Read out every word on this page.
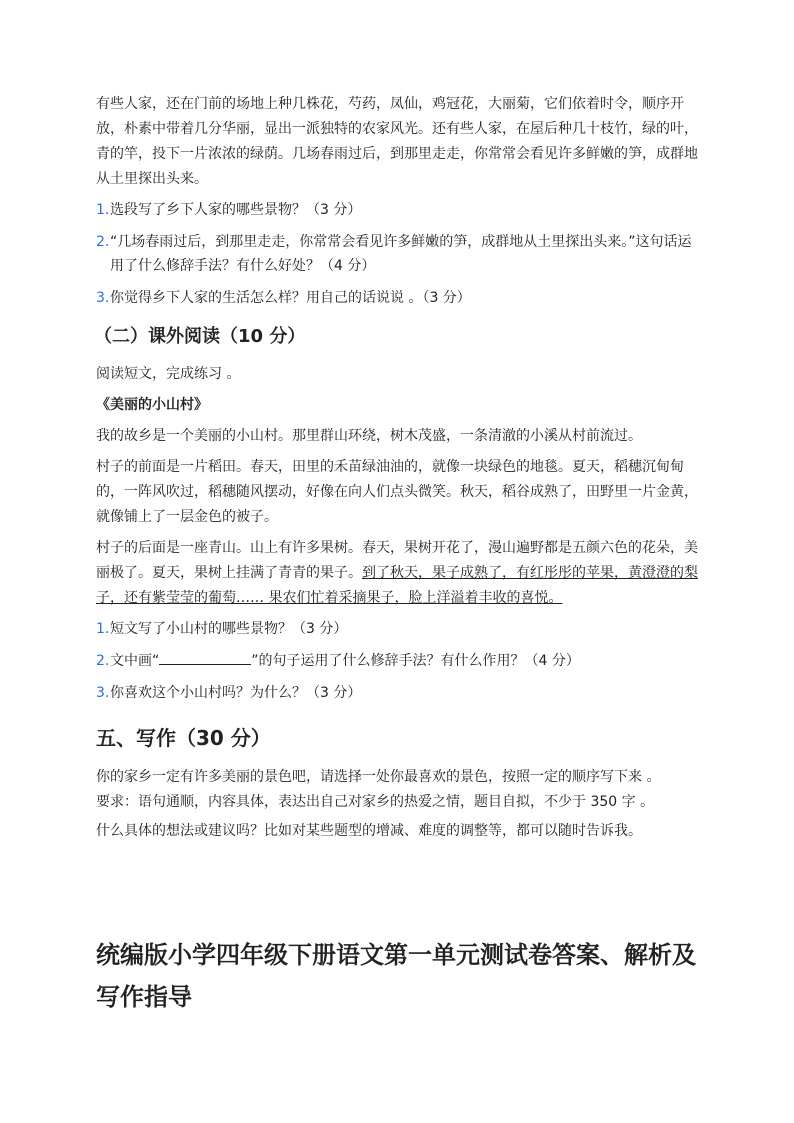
有些人家，还在门前的场地上种几株花，芍药，凤仙，鸡冠花，大丽菊，它们依着时令，顺序开放，朴素中带着几分华丽，显出一派独特的农家风光。还有些人家，在屋后种几十枝竹，绿的叶，青的竿，投下一片浓浓的绿荫。几场春雨过后，到那里走走，你常常会看见许多鲜嫩的笋，成群地从土里探出头来。

1. 选段写了乡下人家的哪些景物？（3 分）
2. “几场春雨过后，到那里走走，你常常会看见许多鲜嫩的笋，成群地从土里探出头来。”这句话运用了什么修辞手法？有什么好处？（4 分）
3. 你觉得乡下人家的生活怎么样？用自己的话说说 。（3 分）
（二）课外阅读（10 分）

阅读短文，完成练习 。

《美丽的小山村》

我的故乡是一个美丽的小山村。那里群山环绕，树木茂盛，一条清澈的小溪从村前流过。

村子的前面是一片稻田。春天，田里的禾苗绿油油的，就像一块绿色的地毯。夏天，稻穗沉甸甸的，一阵风吹过，稻穗随风摆动，好像在向人们点头微笑。秋天，稻谷成熟了，田野里一片金黄，就像铺上了一层金色的被子。

村子的后面是一座青山。山上有许多果树。春天，果树开花了，漫山遍野都是五颜六色的花朵，美丽极了。夏天，果树上挂满了青青的果子。到了秋天，果子成熟了，有红彤彤的苹果，黄澄澄的梨子，还有紫莹莹的葡萄…… 果农们忙着采摘果子，脸上洋溢着丰收的喜悦。

1. 短文写了小山村的哪些景物？（3 分）
2. 文中画“	”的句子运用了什么修辞手法？有什么作用？（4 分）
3. 你喜欢这个小山村吗？为什么？（3 分）
五、写作（30 分）

你的家乡一定有许多美丽的景色吧，请选择一处你最喜欢的景色，按照一定的顺序写下来 。
要求：语句通顺，内容具体，表达出自己对家乡的热爱之情，题目自拟，不少于 350 字 。

什么具体的想法或建议吗？比如对某些题型的增减、难度的调整等，都可以随时告诉我。

统编版小学四年级下册语文第一单元测试卷答案、解析及写作指导
